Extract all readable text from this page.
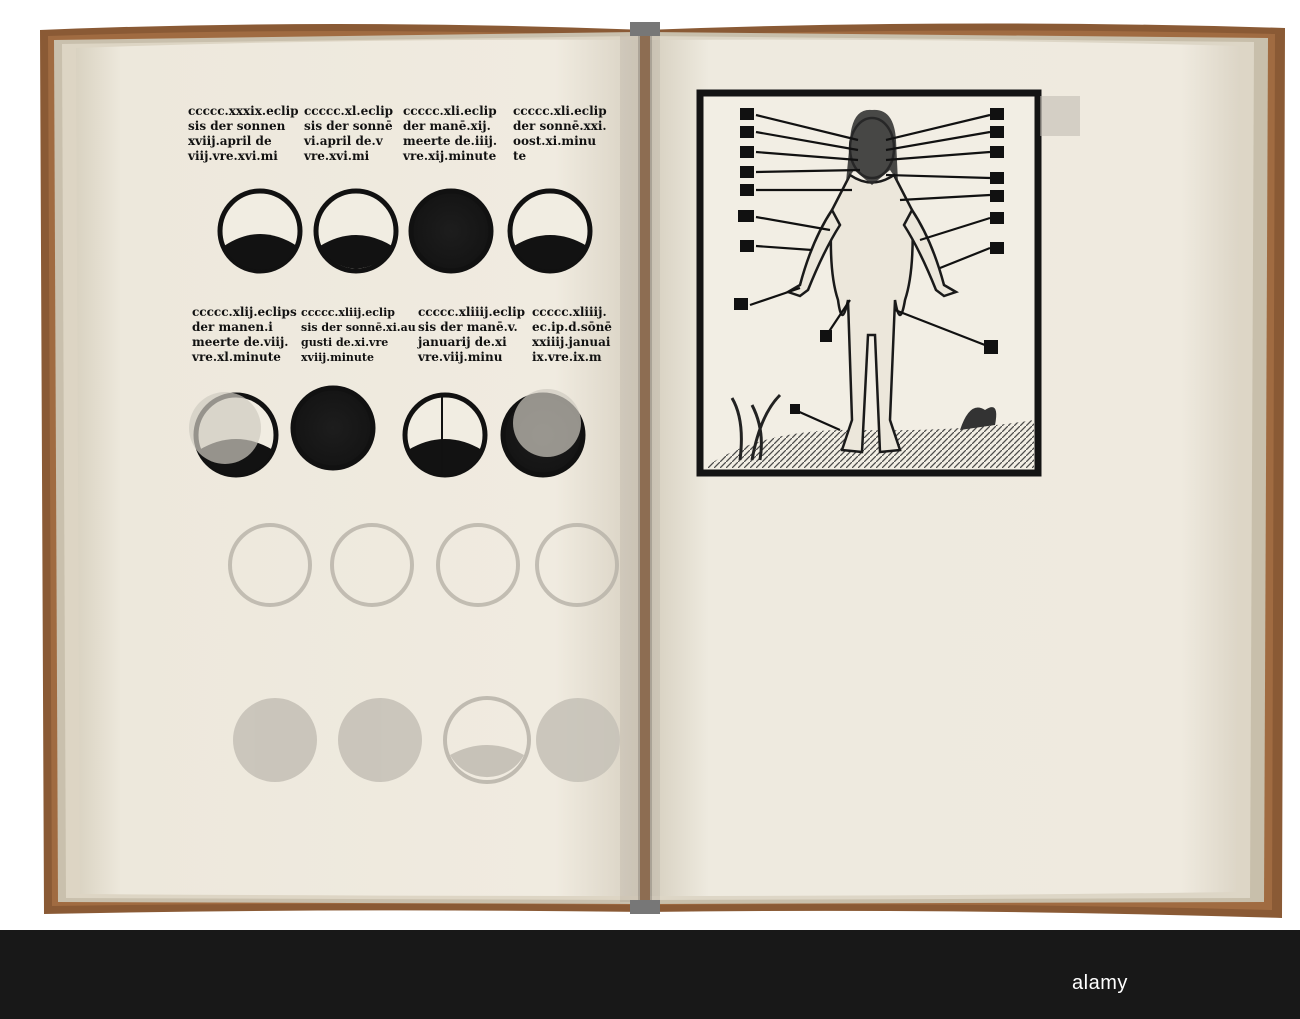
ccccc.xxxix.eclip
sis der sonnen
xviij.april de
viij.vre.xvi.mi
ccccc.xl.eclip
sis der sonnē
vi.april de.v
vre.xvi.mi
ccccc.xli.eclip
der manē.xij.
meerte de.iiij.
vre.xij.minute
ccccc.xli.eclip
der sonnē.xxi.
oost.xi.minu
te
ccccc.xlij.eclips
der manen.i
meerte de.viij.
vre.xl.minute
ccccc.xliij.eclip
sis der sonnē.xi.au
gusti de.xi.vre
xviij.minute
ccccc.xliiij.eclip
sis der manē.v.
januarij de.xi
vre.viij.minu
ccccc.xliiij.
ec.ip.d.sōnē
xxiiij.januai
ix.vre.ix.m
alamy
